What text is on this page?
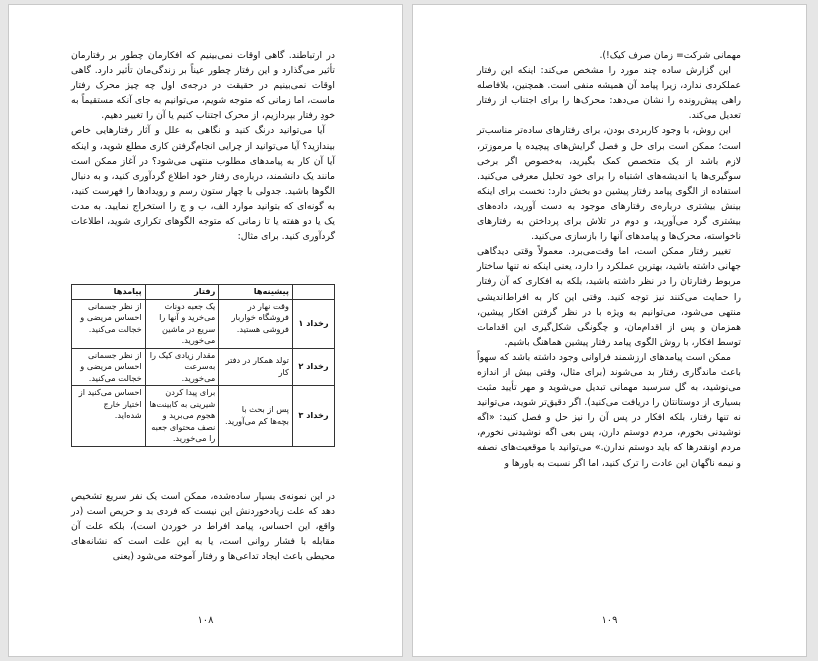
در ارتباطند. گاهی اوقات نمی‌بینیم که افکارمان چطور بر رفتارمان تأثیر می‌گذارد و این رفتار چطور عیناً بر زندگی‌مان تأثیر دارد. گاهی اوقات نمی‌بینیم در حقیقت در درجه‌ی اول چه چیز محرک رفتار ماست، اما زمانی که متوجه شویم، می‌توانیم به جای آنکه مستقیماً به خودِ رفتار بپردازیم، از محرک اجتناب کنیم یا آن را تغییر دهیم.

آیا می‌توانید درنگ کنید و نگاهی به علل و آثار رفتارهایی خاص بیندازید؟ آیا می‌توانید از چرایی انجام‌گرفتن کاری مطلع شوید، و اینکه آیا آن کار به پیامدهای مطلوب منتهی می‌شود؟ در آغاز ممکن است مانند یک دانشمند، درباره‌ی رفتار خود اطلاع گردآوری کنید، و به دنبال الگوها باشید. جدولی با چهار ستون رسم و رویدادها را فهرست کنید، به گونه‌ای که بتوانید موارد الف، ب و ج را استخراج نمایید. به مدت یک یا دو هفته یا تا زمانی که متوجه الگوهای تکراری شوید، اطلاعات گردآوری کنید. برای مثال:

	پیشینه‌ها	رفتار	پیامدها
رخداد ۱	وقت نهار در فروشگاه خواربار فروشی هستید.	یک جعبه دونات می‌خرید و آنها را سریع در ماشین می‌خورید.	از نظر جسمانی احساس مریضی و خجالت می‌کنید.
رخداد ۲	تولد همکار در دفتر کار	مقدار زیادی کیک را به‌سرعت می‌خورید.	از نظر جسمانی احساس مریضی و خجالت می‌کنید.
رخداد ۳	پس از بحث با بچه‌ها کم می‌آورید.	برای پیدا کردن شیرینی به کابینت‌ها هجوم می‌برید و نصف محتوای جعبه را می‌خورید.	احساس می‌کنید از اختیار خارج شده‌اید.

در این نمونه‌ی بسیار ساده‌شده، ممکن است یک نفر سریع تشخیص دهد که علت زیادخوردنش این نیست که فردی بد و حریص است (در واقع، این احساس، پیامد افراط در خوردن است)، بلکه علت آن مقابله با فشار روانی است، یا به این علت است که نشانه‌های محیطی باعث ایجاد تداعی‌ها و رفتار آموخته می‌شود (یعنی

۱۰۸

مهمانی شرکت= زمان صرف کیک!).

این گزارش ساده چند مورد را مشخص می‌کند: اینکه این رفتار عملکردی ندارد، زیرا پیامد آن همیشه منفی است. همچنین، بلافاصله راهی پیش‌رونده را نشان می‌دهد: محرک‌ها را برای اجتناب از رفتار تعدیل می‌کند.

این روش، با وجود کاربردی بودن، برای رفتارهای ساده‌تر مناسب‌تر است؛ ممکن است برای حل و فصل گرایش‌های پیچیده یا مرموزتر، لازم باشد از یک متخصص کمک بگیرید، به‌خصوص اگر برخی سوگیری‌ها یا اندیشه‌های اشتباه را برای خود تحلیل معرفی می‌کنید. استفاده از الگوی پیامد رفتار پیشین دو بخش دارد: نخست برای اینکه بینش بیشتری درباره‌ی رفتارهای موجود به دست آورید، داده‌های بیشتری گرد می‌آورید، و دوم در تلاش برای پرداختن به رفتارهای ناخواسته، محرک‌ها و پیامدهای آنها را بازسازی می‌کنید.

تغییر رفتار ممکن است، اما وقت‌می‌برد. معمولاً وقتی دیدگاهی جهانی داشته باشید، بهترین عملکرد را دارد، یعنی اینکه نه تنها ساختار مربوط رفتارتان را در نظر داشته باشید، بلکه به افکاری که آن رفتار را حمایت می‌کنند نیز توجه کنید. وقتی این کار به افراط‌اندیشی منتهی می‌شود، می‌توانیم به ویژه با در نظر گرفتن افکار پیشین، همزمان و پس از اقدام‌مان، و چگونگی شکل‌گیری این اقدامات توسط افکار، با روش الگوی پیامد رفتار پیشین هماهنگ باشیم.

ممکن است پیامدهای ارزشمند فراوانی وجود داشته باشد که سهواً باعث ماندگاری رفتار بد می‌شوند (برای مثال، وقتی بیش از اندازه می‌نوشید، به گل سرسبد مهمانی تبدیل می‌شوید و مهر تأیید مثبت بسیاری از دوستانتان را دریافت می‌کنید). اگر دقیق‌تر شوید، می‌توانید نه تنها رفتار، بلکه افکار در پس آن را نیز حل و فصل کنید: «اگه نوشیدنی بخورم، مردم دوستم دارن، پس بعی اگه نوشیدنی نخورم، مردم اونقدرها که باید دوستم ندارن.» می‌توانید با موقعیت‌های نصفه و نیمه ناگهان این عادت را ترک کنید، اما اگر نسبت به باورها و

۱۰۹
